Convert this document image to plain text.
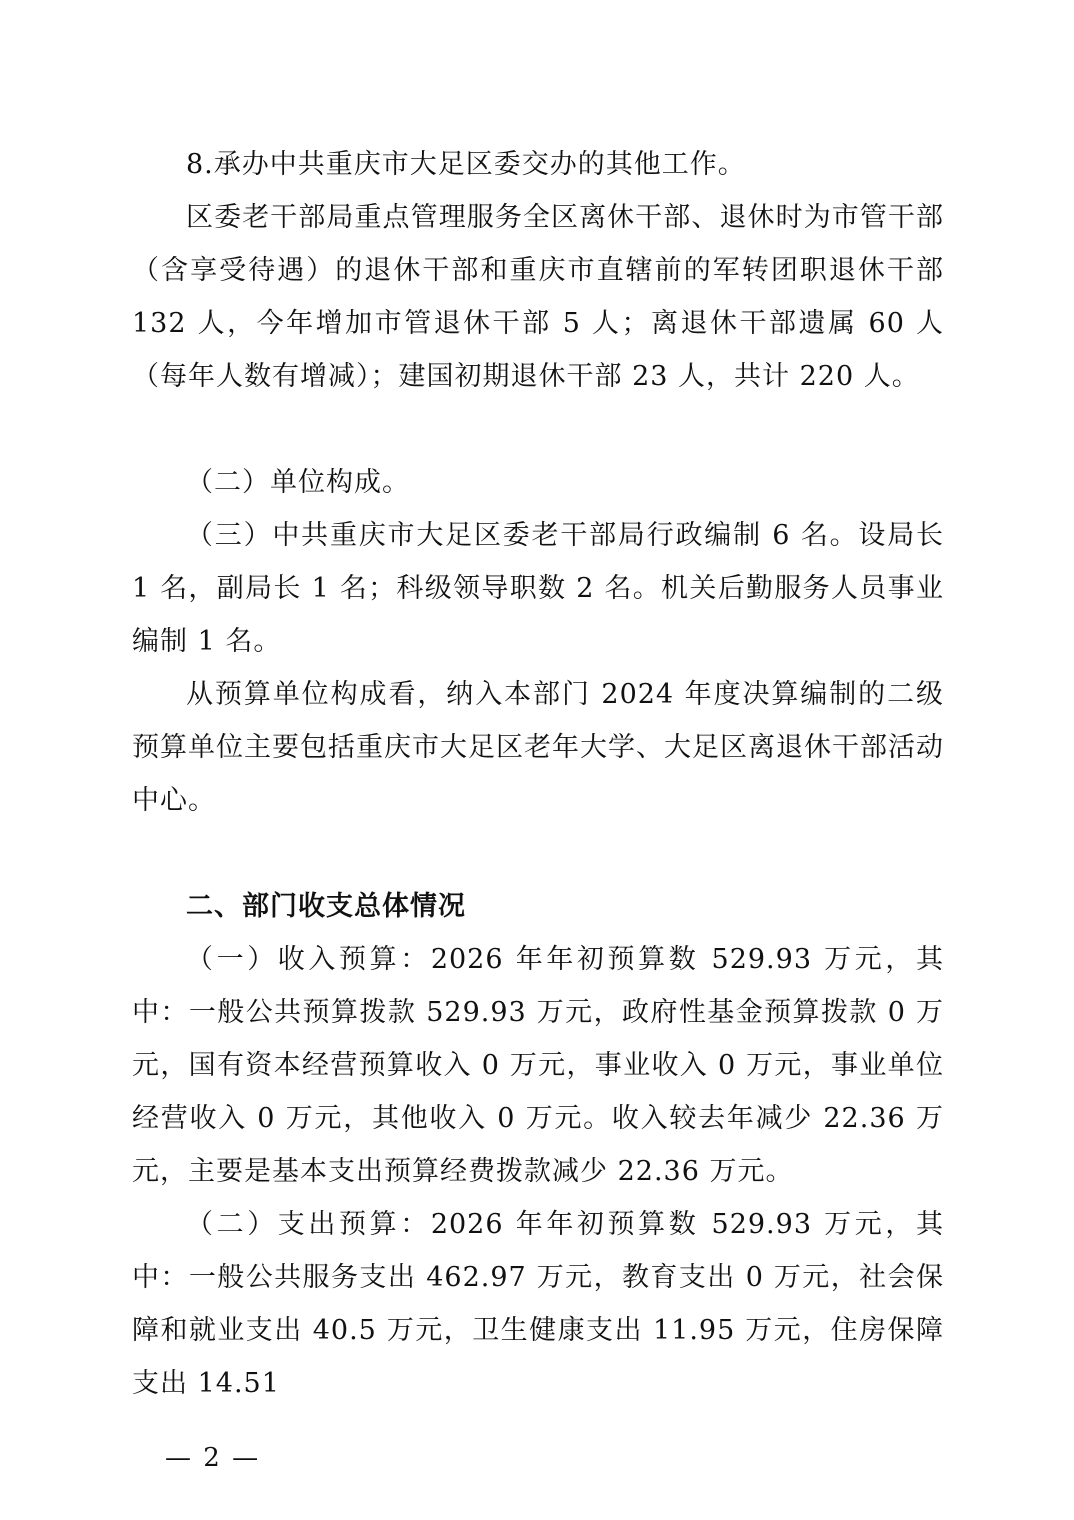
8.承办中共重庆市大足区委交办的其他工作。

区委老干部局重点管理服务全区离休干部、退休时为市管干部（含享受待遇）的退休干部和重庆市直辖前的军转团职退休干部 132 人，今年增加市管退休干部 5 人；离退休干部遗属 60 人（每年人数有增减）；建国初期退休干部 23 人，共计 220 人。

（二）单位构成。

（三）中共重庆市大足区委老干部局行政编制 6 名。设局长 1 名，副局长 1 名；科级领导职数 2 名。机关后勤服务人员事业编制 1 名。

从预算单位构成看，纳入本部门 2024 年度决算编制的二级预算单位主要包括重庆市大足区老年大学、大足区离退休干部活动中心。

二、部门收支总体情况

（一）收入预算：2026 年年初预算数 529.93 万元，其中：一般公共预算拨款 529.93 万元，政府性基金预算拨款 0 万元，国有资本经营预算收入 0 万元，事业收入 0 万元，事业单位经营收入 0 万元，其他收入 0 万元。收入较去年减少 22.36 万元，主要是基本支出预算经费拨款减少 22.36 万元。

（二）支出预算：2026 年年初预算数 529.93 万元，其中：一般公共服务支出 462.97 万元，教育支出 0 万元，社会保障和就业支出 40.5 万元，卫生健康支出 11.95 万元，住房保障支出 14.51

— 2 —
